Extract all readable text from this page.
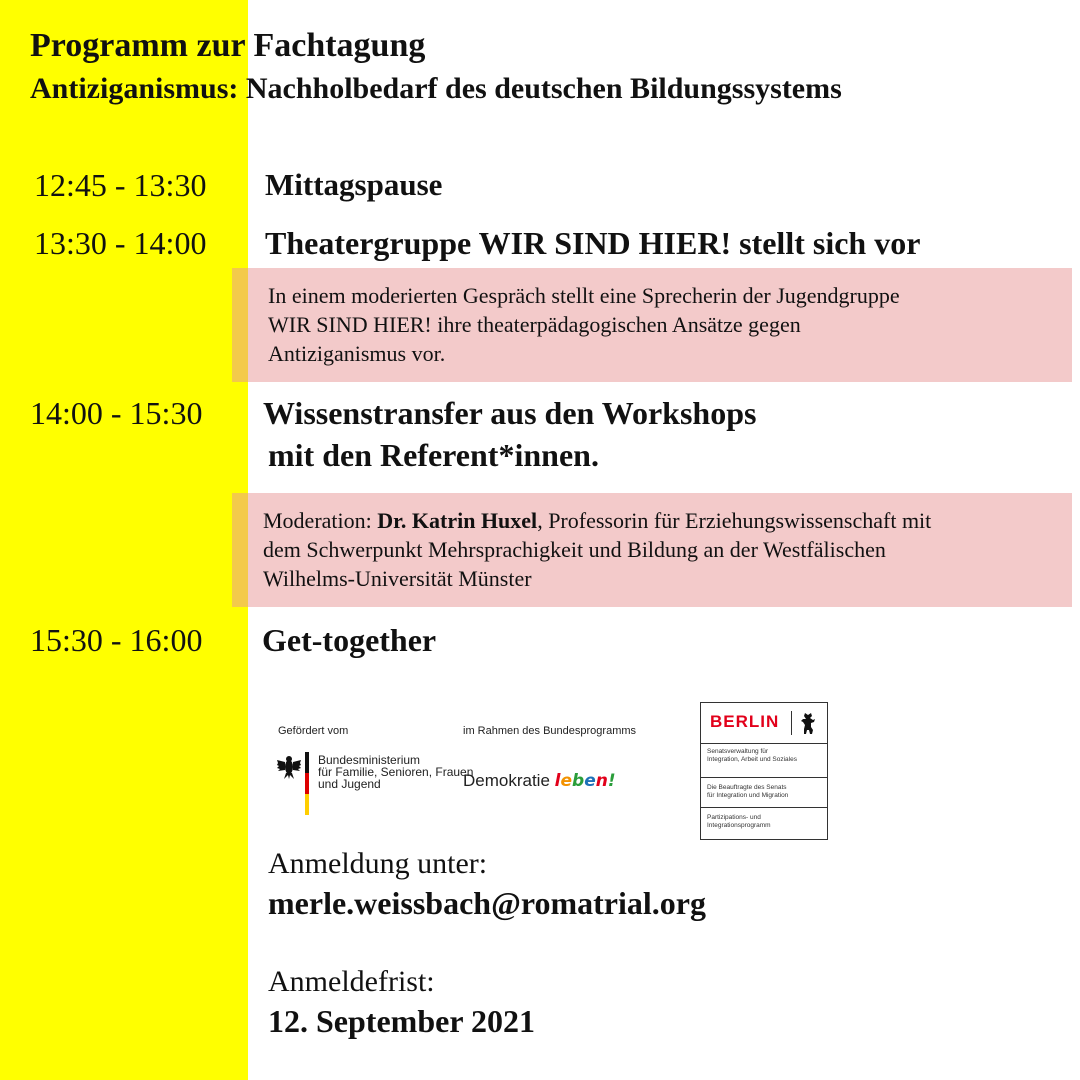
Programm zur Fachtagung
Antiziganismus: Nachholbedarf des deutschen Bildungssystems
12:45 - 13:30 Mittagspause
13:30 - 14:00 Theatergruppe WIR SIND HIER! stellt sich vor
In einem moderierten Gespräch stellt eine Sprecherin der Jugendgruppe
WIR SIND HIER! ihre theaterpädagogischen Ansätze gegen
Antiziganismus vor.
14:00 - 15:30 Wissenstransfer aus den Workshops
mit den Referent*innen.
Moderation: Dr. Katrin Huxel, Professorin für Erziehungswissenschaft mit
dem Schwerpunkt Mehrsprachigkeit und Bildung an der Westfälischen
Wilhelms-Universität Münster
15:30 - 16:00 Get-together
Gefördert vom
Bundesministerium
für Familie, Senioren, Frauen
und Jugend
im Rahmen des Bundesprogramms
Demokratie leben!
BERLIN
Senatsverwaltung für
Integration, Arbeit und Soziales
Die Beauftragte des Senats
für Integration und Migration
Partizipations- und
Integrationsprogramm
Anmeldung unter:
merle.weissbach@romatrial.org
Anmeldefrist:
12. September 2021
